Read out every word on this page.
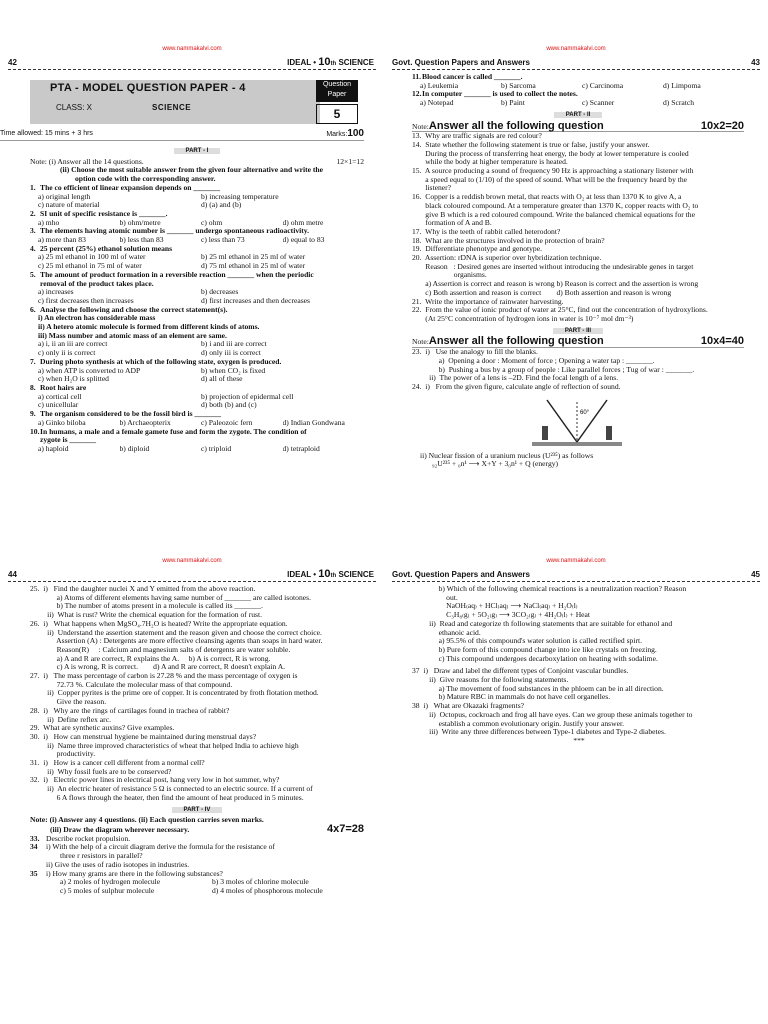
www.nammakalvi.com
42	IDEAL • 10th SCIENCE
PTA - MODEL QUESTION PAPER - 4
CLASS: X	SCIENCE
Question
Paper
5
Time allowed: 15 mins + 3 hrs	Marks:100
PART - I
Note: (i) Answer all the 14 questions.	12×1=12
(ii) Choose the most suitable answer from the given four alternative and write the
option code with the corresponding answer.
1. The co efficient of linear expansion depends on _______
a) original length	b) increasing temperature
c) nature of material	d) (a) and (b)
2. SI unit of specific resistance is _______.
a) mho	b) ohm/metre	c) ohm	d) ohm metre
3. The elements having atomic number is _______ undergo spontaneous radioactivity.
a) more than 83	b) less than 83	c) less than 73	d) equal to 83
4. 25 percent (25%) ethanol solution means
a) 25 ml ethanol in 100 ml of water	b) 25 ml ethanol in 25 ml of water
c) 25 ml ethanol in 75 ml of water	d) 75 ml ethanol in 25 ml of water
5. The amount of product formation in a reversible reaction _______ when the periodic
removal of the product takes place.
a) increases	b) decreases
c) first decreases then increases	d) first increases and then decreases
6. Analyse the following and choose the correct statement(s).
i) An electron has considerable mass
ii) A hetero atomic molecule is formed from different kinds of atoms.
iii) Mass number and atomic mass of an element are same.
a) i, ii an iii are correct	b) i and iii are correct
c) only ii is correct	d) only iii is correct
7. During photo synthesis at which of the following state, oxygen is produced.
a) when ATP is converted to ADP	b) when CO₂ is fixed
c) when H₂O is splitted	d) all of these
8. Root hairs are
a) cortical cell	b) projection of epidermal cell
c) unicellular	d) both (b) and (c)
9. The organism considered to be the fossil bird is _______
a) Ginko biloba	b) Archaeopterix	c) Paleozoic fern	d) Indian Gondwana
10. In humans, a male and a female gamete fuse and form the zygote. The condition of
zygote is _______
a) haploid	b) diploid	c) triploid	d) tetraploid
www.nammakalvi.com
Govt. Question Papers and Answers	43
11. Blood cancer is called _______.
a) Leukemia	b) Sarcoma	c) Carcinoma	d) Limpoma
12. In computer _______ is used to collect the notes.
a) Notepad	b) Paint	c) Scanner	d) Scratch
PART - II
Note:Answer all the following question	10x2=20
13.  Why are traffic signals are red colour?
14.  State whether the following statement is true or false, justify your answer.
During the process of transferring heat energy, the body at lower temperature is cooled
while the body at higher temperature is heated.
15.  A source producing a sound of frequency 90 Hz is approaching a stationary listener with
a speed equal to (1/10) of the speed of sound. What will be the frequency heard by the
listener?
16.  Copper is a reddish brown metal, that reacts with O₂ at less than 1370 K to give A, a
black coloured compound. At a temperature greater than 1370 K, copper reacts with O₂ to
give B which is a red coloured compound. Write the balanced chemical equations for the
formation of A and B.
17.  Why is the teeth of rabbit called heterodont?
18.  What are the structures involved in the protection of brain?
19.  Differentiate phenotype and genotype.
20.  Assertion: rDNA is superior over hybridization technique.
Reason   : Desired genes are inserted without introducing the undesirable genes in target
organisms.
a) Assertion is correct and reason is wrong b) Reason is correct and the assertion is wrong
c) Both assertion and reason is correct        d) Both assertion and reason is wrong
21.  Write the importance of rainwater harvesting.
22.  From the value of ionic product of water at 25°C, find out the concentration of hydroxylions.
(At 25°C concentration of hydrogen ions in water is 10⁻⁷ mol dm⁻³)
PART - III
Note:Answer all the following question	10x4=40
23.  i)   Use the analogy to fill the blanks.
a)  Opening a door : Moment of force ; Opening a water tap : _______.
b)  Pushing a bus by a group of people : Like parallel forces ; Tug of war : _______.
ii)  The power of a lens is –2D. Find the focal length of a lens.
24.  i)   From the given figure, calculate angle of reflection of sound.
60°
ii) Nuclear fission of a uranium nucleus (U²³⁵) as follows
₉₂U²³⁵ + ₀n¹ ⟶ X+Y + 3₀n¹ + Q (energy)
www.nammakalvi.com
44	IDEAL • 10th SCIENCE
25.  i)   Find the daughter nuclei X and Y emitted from the above reaction.
a) Atoms of different elements having same number of _______ are called isotones.
b) The number of atoms present in a molecule is called its _______.
ii)  What is rust? Write the chemical equation for the formation of rust.
26.  i)   What happens when MgSO₄.7H₂O is heated? Write the appropriate equation.
ii)  Understand the assertion statement and the reason given and choose the correct choice.
Assertion (A) : Detergents are more effective cleansing agents than soaps in hard water.
Reason(R)     : Calcium and magnesium salts of detergents are water soluble.
a) A and R are correct, R explains the A.     b) A is correct, R is wrong.
c) A is wrong, R is correct.        d) A and R are correct, R doesn't explain A.
27.  i)   The mass percentage of carbon is 27.28 % and the mass percentage of oxygen is
72.73 %. Calculate the molecular mass of that compound.
ii)  Copper pyrites is the prime ore of copper. It is concentrated by froth flotation method.
Give the reason.
28.  i)   Why are the rings of cartilages found in trachea of rabbit?
ii)  Define reflex arc.
29.  What are synthetic auxins? Give examples.
30.  i)   How can menstrual hygiene be maintained during menstrual days?
ii)  Name three improved characteristics of wheat that helped India to achieve high
productivity.
31.  i)   How is a cancer cell different from a normal cell?
ii)  Why fossil fuels are to be conserved?
32.  i)   Electric power lines in electrical post, hang very low in hot summer, why?
ii)  An electric heater of resistance 5 Ω is connected to an electric source. If a current of
6 A flows through the heater, then find the amount of heat produced in 5 minutes.
PART - IV
Note: (i) Answer any 4 questions. (ii) Each question carries seven marks.
(iii) Draw the diagram wherever necessary.	4x7=28
33. Describe rocket propulsion.
34	i) With the help of a circuit diagram derive the formula for the resistance of
three r resistors in parallel?
ii) Give the uses of radio isotopes in industries.
35	i) How many grams are there in the following substances?
a) 2 moles of hydrogen molecule	b) 3 moles of chlorine molecule
c) 5 moles of sulphur molecule	d) 4 moles of phosphorous molecule
www.nammakalvi.com
Govt. Question Papers and Answers	45
b) Which of the following chemical reactions is a neutralization reaction? Reason
out.
NaOH₍aq₎ + HCl₍aq₎ ⟶ NaCl₍aq₎ + H₂O₍l₎
C₃H₈₍g₎ + 5O₂₍g₎ ⟶ 3CO₂₍g₎ + 4H₂O₍l₎ + Heat
ii)  Read and categorize th following statements that are suitable for ethanol and
ethanoic acid.
a) 95.5% of this compound's water solution is called rectified spirt.
b) Pure form of this compound change into ice like crystals on freezing.
c) This compound undergoes decarboxylation on heating with sodalime.
37  i)   Draw and label the different types of Conjoint vascular bundles.
ii)  Give reasons for the following statements.
a) The movement of food substances in the phloem can be in all direction.
b) Mature RBC in mammals do not have cell organelles.
38  i)   What are Okazaki fragments?
ii)  Octopus, cockroach and frog all have eyes. Can we group these animals together to
establish a common evolutionary origin. Justify your answer.
iii)  Write any three differences between Type-1 diabetes and Type-2 diabetes.
***
